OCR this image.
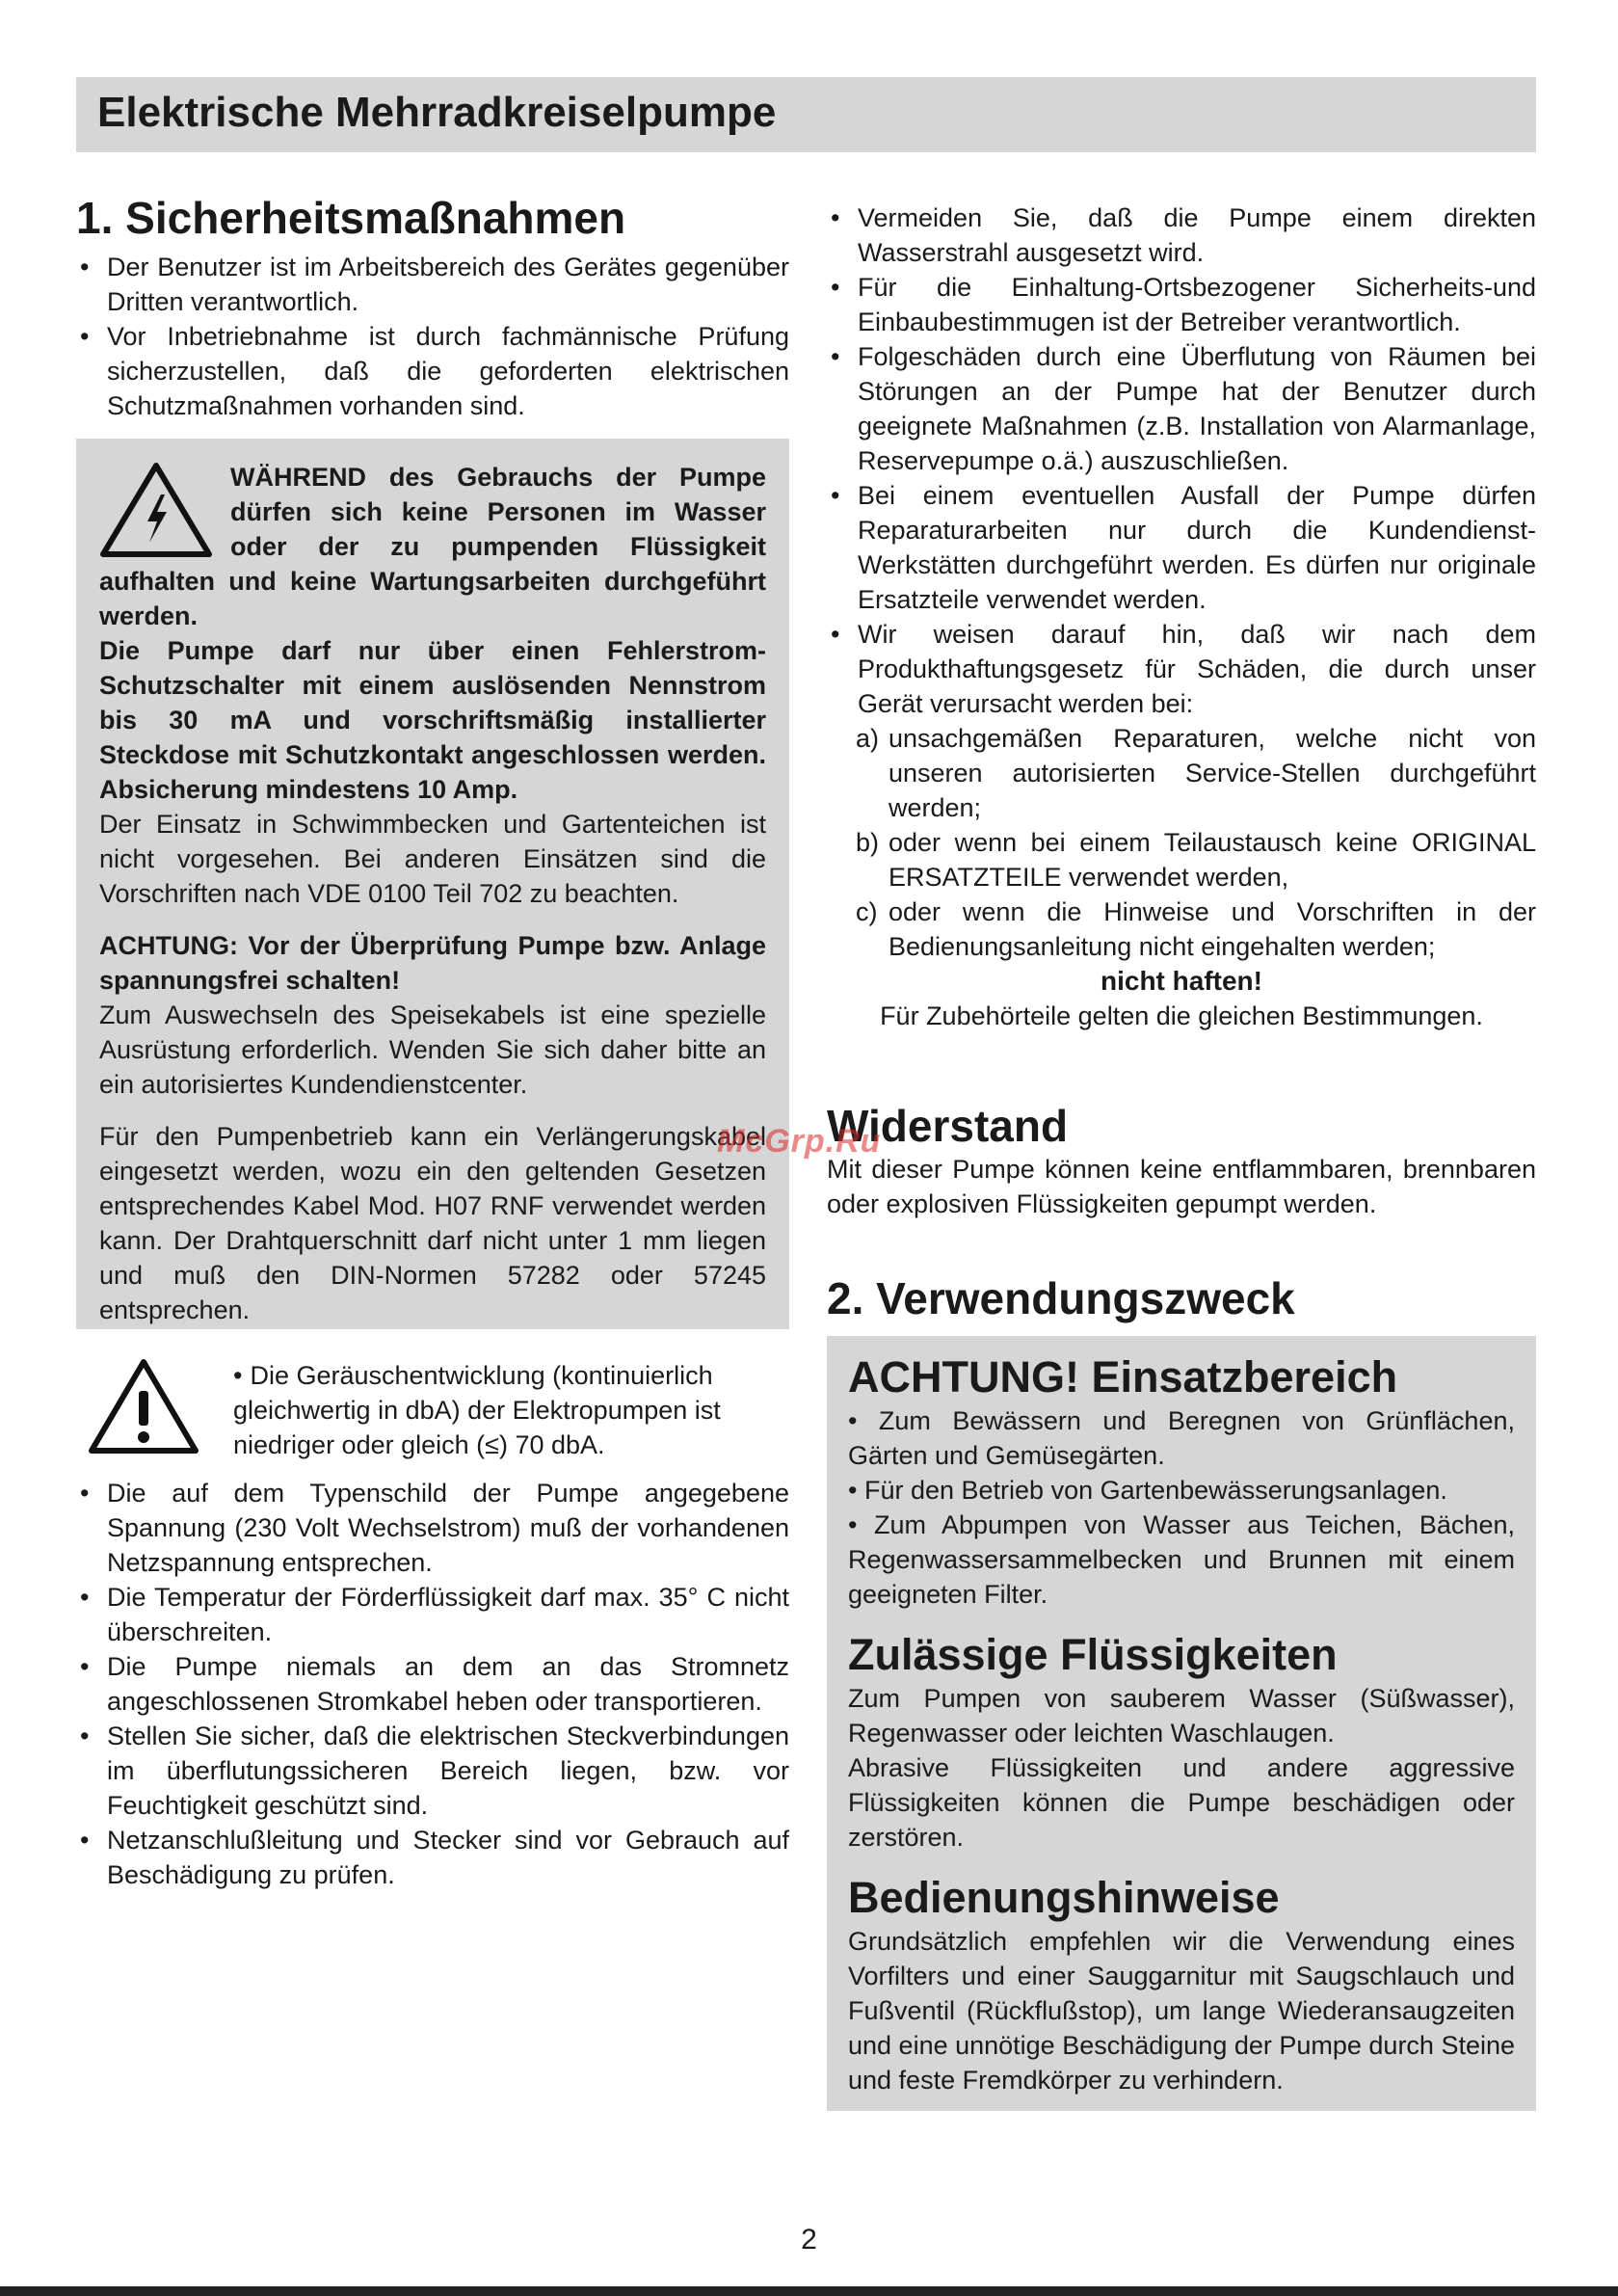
Elektrische Mehrradkreiselpumpe
1. Sicherheitsmaßnahmen
• Der Benutzer ist im Arbeitsbereich des Gerätes gegenüber Dritten verantwortlich.
• Vor Inbetriebnahme ist durch fachmännische Prüfung sicherzustellen, daß die geforderten elektrischen Schutzmaßnahmen vorhanden sind.

WÄHREND des Gebrauchs der Pumpe dürfen sich keine Personen im Wasser oder der zu pumpenden Flüssigkeit aufhalten und keine Wartungsarbeiten durchgeführt werden.

Die Pumpe darf nur über einen Fehlerstrom-Schutzschalter mit einem auslösenden Nennstrom bis 30 mA und vorschriftsmäßig installierter Steckdose mit Schutzkontakt angeschlossen werden. Absicherung mindestens 10 Amp.

Der Einsatz in Schwimmbecken und Gartenteichen ist nicht vorgesehen. Bei anderen Einsätzen sind die Vorschriften nach VDE 0100 Teil 702 zu beachten.

ACHTUNG: Vor der Überprüfung Pumpe bzw. Anlage spannungsfrei schalten!

Zum Auswechseln des Speisekabels ist eine spezielle Ausrüstung erforderlich. Wenden Sie sich daher bitte an ein autorisiertes Kundendienstcenter.

Für den Pumpenbetrieb kann ein Verlängerungskabel eingesetzt werden, wozu ein den geltenden Gesetzen entsprechendes Kabel Mod. H07 RNF verwendet werden kann. Der Drahtquerschnitt darf nicht unter 1 mm liegen und muß den DIN-Normen 57282 oder 57245 entsprechen.

• Die Geräuschentwicklung (kontinuierlich gleichwertig in dbA) der Elektropumpen ist niedriger oder gleich (≤) 70 dbA.
• Die auf dem Typenschild der Pumpe angegebene Spannung (230 Volt Wechselstrom) muß der vorhandenen Netzspannung entsprechen.
• Die Temperatur der Förderflüssigkeit darf max. 35° C nicht überschreiten.
• Die Pumpe niemals an dem an das Stromnetz angeschlossenen Stromkabel heben oder transportieren.
• Stellen Sie sicher, daß die elektrischen Steckverbindungen im überflutungssicheren Bereich liegen, bzw. vor Feuchtigkeit geschützt sind.
• Netzanschlußleitung und Stecker sind vor Gebrauch auf Beschädigung zu prüfen.
• Vermeiden Sie, daß die Pumpe einem direkten Wasserstrahl ausgesetzt wird.
• Für die Einhaltung-Ortsbezogener Sicherheits-und Einbaubestimmugen ist der Betreiber verantwortlich.
• Folgeschäden durch eine Überflutung von Räumen bei Störungen an der Pumpe hat der Benutzer durch geeignete Maßnahmen (z.B. Installation von Alarmanlage, Reservepumpe o.ä.) auszuschließen.
• Bei einem eventuellen Ausfall der Pumpe dürfen Reparaturarbeiten nur durch die Kundendienst-Werkstätten durchgeführt werden. Es dürfen nur originale Ersatzteile verwendet werden.
• Wir weisen darauf hin, daß wir nach dem Produkthaftungsgesetz für Schäden, die durch unser Gerät verursacht werden bei:
a) unsachgemäßen Reparaturen, welche nicht von unseren autorisierten Service-Stellen durchgeführt werden;
b) oder wenn bei einem Teilaustausch keine ORIGINAL ERSATZTEILE verwendet werden,
c) oder wenn die Hinweise und Vorschriften in der Bedienungsanleitung nicht eingehalten werden;
nicht haften!
Für Zubehörteile gelten die gleichen Bestimmungen.
Widerstand

Mit dieser Pumpe können keine entflammbaren, brennbaren oder explosiven Flüssigkeiten gepumpt werden.

2. Verwendungszweck
ACHTUNG! Einsatzbereich
• Zum Bewässern und Beregnen von Grünflächen, Gärten und Gemüsegärten.
• Für den Betrieb von Gartenbewässerungsanlagen.
• Zum Abpumpen von Wasser aus Teichen, Bächen, Regenwassersammelbecken und Brunnen mit einem geeigneten Filter.
Zulässige Flüssigkeiten

Zum Pumpen von sauberem Wasser (Süßwasser), Regenwasser oder leichten Waschlaugen.

Abrasive Flüssigkeiten und andere aggressive Flüssigkeiten können die Pumpe beschädigen oder zerstören.

Bedienungshinweise

Grundsätzlich empfehlen wir die Verwendung eines Vorfilters und einer Sauggarnitur mit Saugschlauch und Fußventil (Rückflußstop), um lange Wiederansaugzeiten und eine unnötige Beschädigung der Pumpe durch Steine und feste Fremdkörper zu verhindern.

McGrp.Ru
2
